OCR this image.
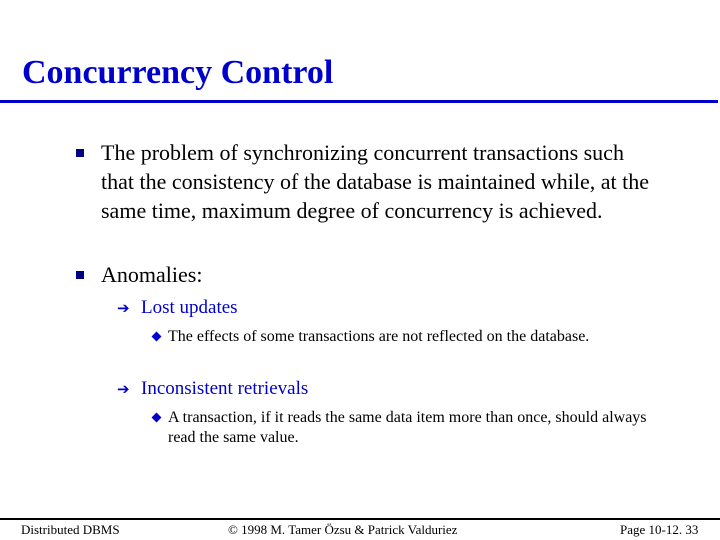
Concurrency Control
The problem of synchronizing concurrent transactions such that the consistency of the database is maintained while, at the same time, maximum degree of concurrency is achieved.
Anomalies:
➔ Lost updates
The effects of some transactions are not reflected on the database.
➔ Inconsistent retrievals
A transaction, if it reads the same data item more than once, should always read the same value.
Distributed DBMS	© 1998 M. Tamer Özsu & Patrick Valduriez	Page 10-12. 33
